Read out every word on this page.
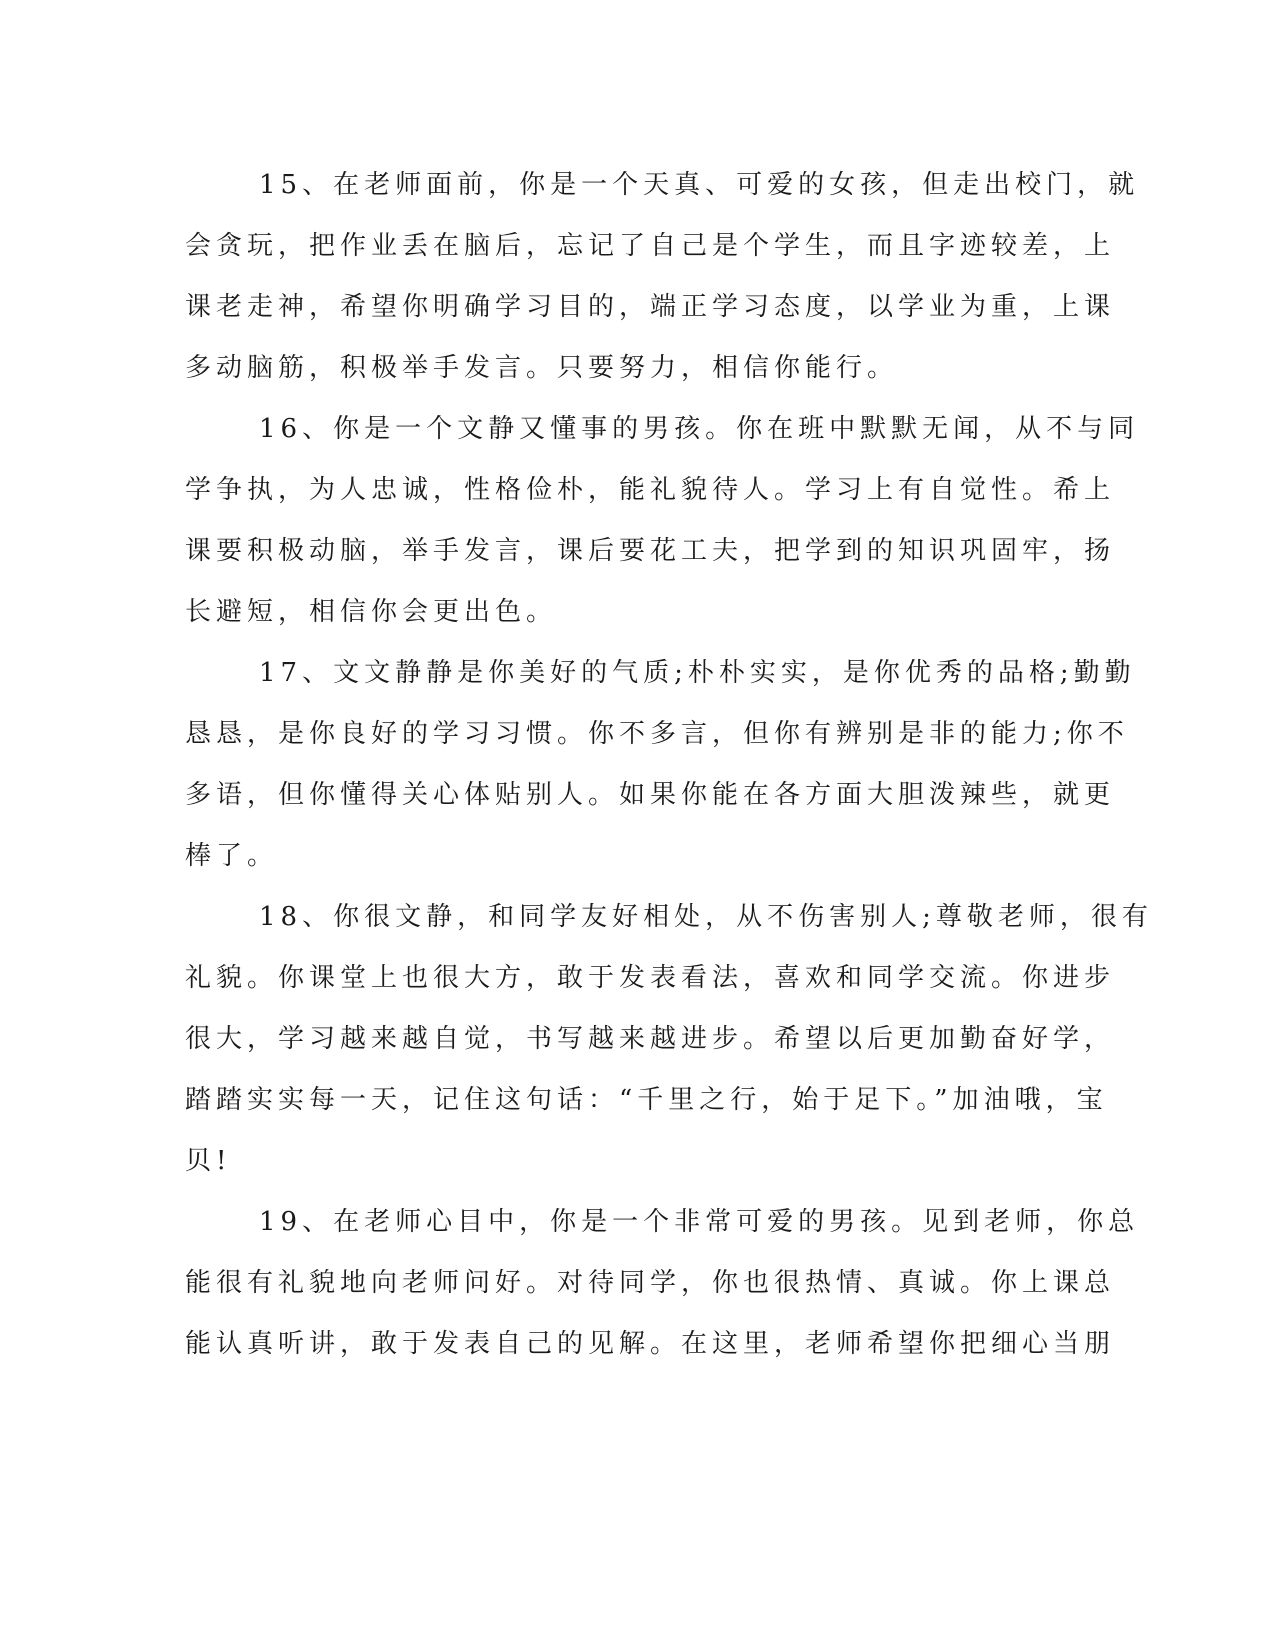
15、在老师面前，你是一个天真、可爱的女孩，但走出校门，就
会贪玩，把作业丢在脑后，忘记了自己是个学生，而且字迹较差，上
课老走神，希望你明确学习目的，端正学习态度，以学业为重，上课
多动脑筋，积极举手发言。只要努力，相信你能行。
16、你是一个文静又懂事的男孩。你在班中默默无闻，从不与同
学争执，为人忠诚，性格俭朴，能礼貌待人。学习上有自觉性。希上
课要积极动脑，举手发言，课后要花工夫，把学到的知识巩固牢，扬
长避短，相信你会更出色。
17、文文静静是你美好的气质;朴朴实实，是你优秀的品格;勤勤
恳恳，是你良好的学习习惯。你不多言，但你有辨别是非的能力;你不
多语，但你懂得关心体贴别人。如果你能在各方面大胆泼辣些，就更
棒了。
18、你很文静，和同学友好相处，从不伤害别人;尊敬老师，很有
礼貌。你课堂上也很大方，敢于发表看法，喜欢和同学交流。你进步
很大，学习越来越自觉，书写越来越进步。希望以后更加勤奋好学，
踏踏实实每一天，记住这句话：“千里之行，始于足下。”加油哦，宝
贝!
19、在老师心目中，你是一个非常可爱的男孩。见到老师，你总
能很有礼貌地向老师问好。对待同学，你也很热情、真诚。你上课总
能认真听讲，敢于发表自己的见解。在这里，老师希望你把细心当朋
